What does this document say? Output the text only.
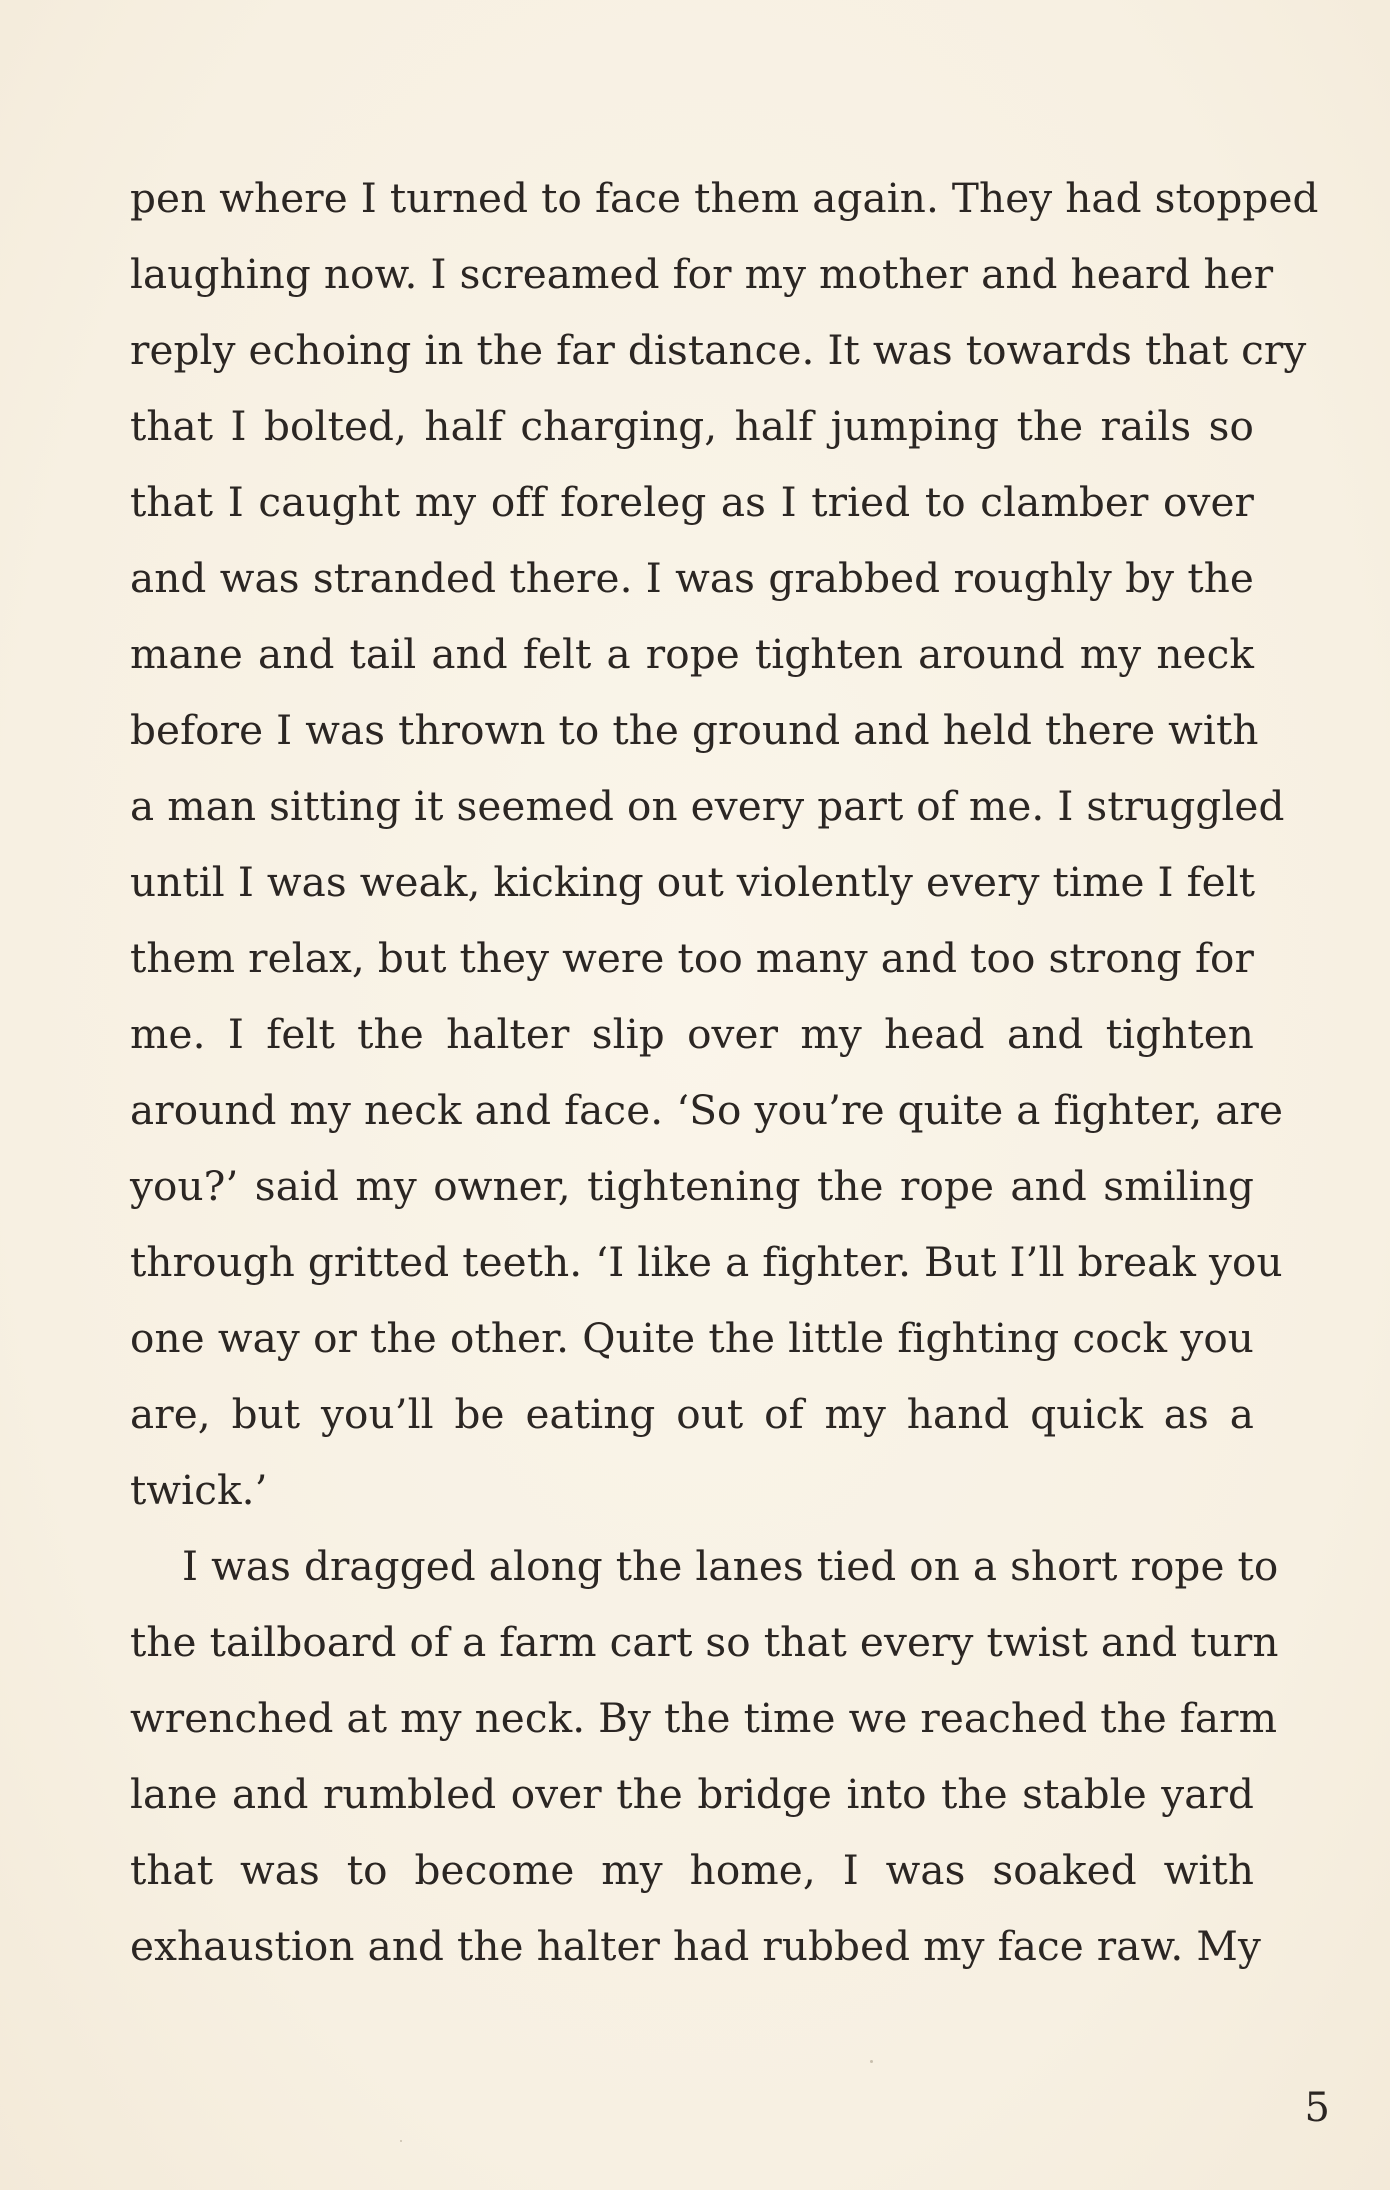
pen where I turned to face them again. They had stopped
laughing now. I screamed for my mother and heard her
reply echoing in the far distance. It was towards that cry
that I bolted, half charging, half jumping the rails so
that I caught my off foreleg as I tried to clamber over
and was stranded there. I was grabbed roughly by the
mane and tail and felt a rope tighten around my neck
before I was thrown to the ground and held there with
a man sitting it seemed on every part of me. I struggled
until I was weak, kicking out violently every time I felt
them relax, but they were too many and too strong for
me. I felt the halter slip over my head and tighten
around my neck and face. ‘So you’re quite a fighter, are
you?’ said my owner, tightening the rope and smiling
through gritted teeth. ‘I like a fighter. But I’ll break you
one way or the other. Quite the little fighting cock you
are, but you’ll be eating out of my hand quick as a
twick.’
I was dragged along the lanes tied on a short rope to
the tailboard of a farm cart so that every twist and turn
wrenched at my neck. By the time we reached the farm
lane and rumbled over the bridge into the stable yard
that was to become my home, I was soaked with
exhaustion and the halter had rubbed my face raw. My
5
